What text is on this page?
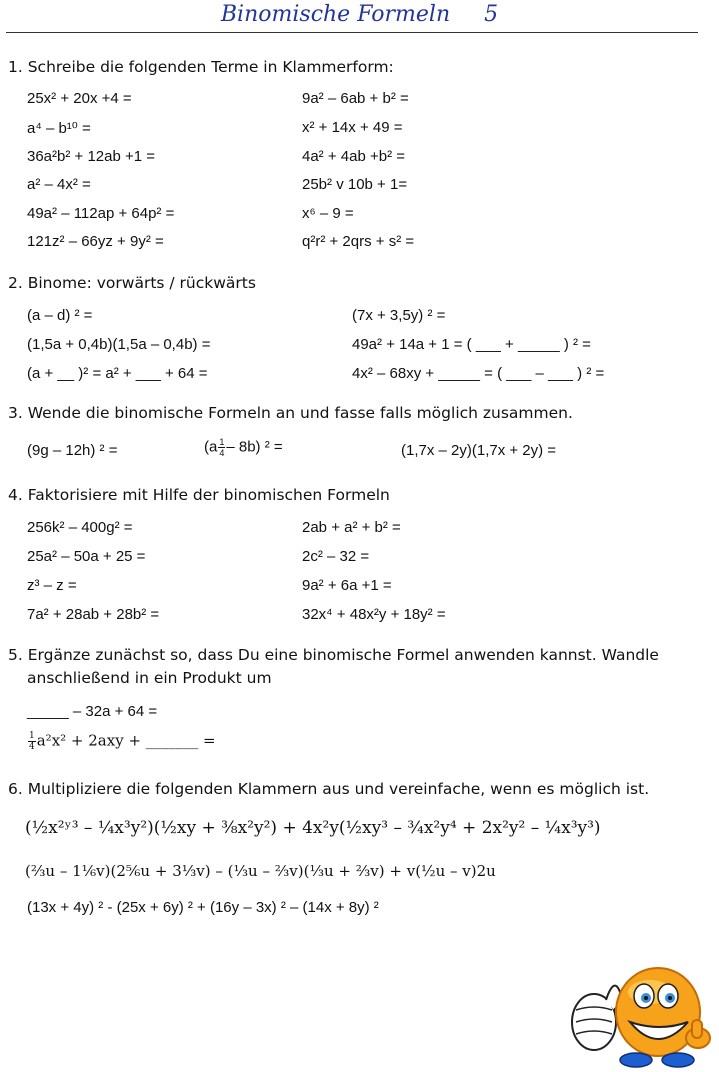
Binomische Formeln 5
1. Schreibe die folgenden Terme in Klammerform:
25x² + 20x +4 =
a⁴ – b¹⁰ =
36a²b² + 12ab +1 =
a² – 4x² =
49a² – 112ap + 64p² =
121z² – 66yz + 9y² =
9a² – 6ab + b² =
x² + 14x + 49 =
4a² + 4ab +b² =
25b² v 10b + 1=
x⁶ – 9 =
q²r² + 2qrs + s² =
2. Binome: vorwärts / rückwärts
(a – d) ² =
(1,5a + 0,4b)(1,5a – 0,4b) =
(a + __ )² = a² + ___ + 64 =
(7x + 3,5y) ² =
49a² + 14a + 1 = ( ___ + _____ ) ² =
4x² – 68xy + _____ = ( ___ – ___ ) ² =
3. Wende die binomische Formeln an und fasse falls möglich zusammen.
(9g – 12h) ² =	$(a \frac{1}{4} - 8b)$ ² =	(1,7x – 2y)(1,7x + 2y) =
4. Faktorisiere mit Hilfe der binomischen Formeln
256k² – 400g² =
25a² – 50a + 25 =
z³ – z =
7a² + 28ab + 28b² =
2ab + a² + b² =
2c² – 32 =
9a² + 6a +1 =
32x⁴ + 48x²y + 18y² =
5. Ergänze zunächst so, dass Du eine binomische Formel anwenden kannst. Wandle
anschließend in ein Produkt um
_____ – 32a + 64 =
$\frac{1}{4} a^2x^2 + 2axy$ + _______ =
6. Multipliziere die folgenden Klammern aus und vereinfache, wenn es möglich ist.
(½x²ʸ³ – ¼x³y²)(½xy + ⅜x²y²) + 4x²y(½xy³ – ¾x²y⁴ + 2x²y² – ¼x³y³)
(⅔u – 1⅙v)(2⅚u + 3⅓v) – (⅓u – ⅔v)(⅓u + ⅔v) + v(½u – v)2u
(13x + 4y) ² - (25x + 6y) ² + (16y – 3x) ² – (14x + 8y) ²
